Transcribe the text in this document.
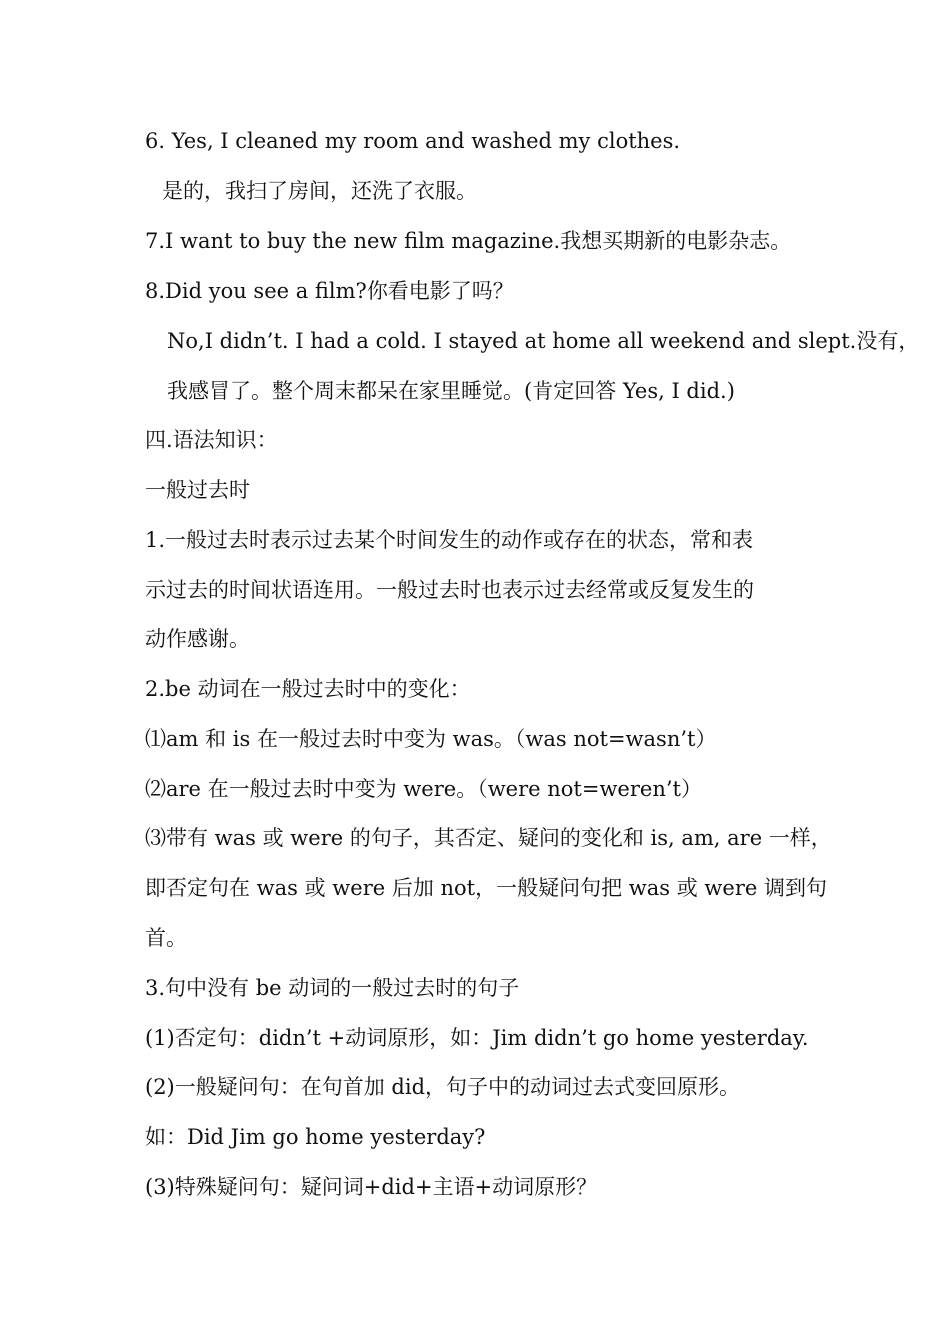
6. Yes, I cleaned my room and washed my clothes.
是的，我扫了房间，还洗了衣服。
7.I want to buy the new film magazine.我想买期新的电影杂志。
8.Did you see a film?你看电影了吗？
No,I didn’t. I had a cold. I stayed at home all weekend and slept.没有，
我感冒了。整个周末都呆在家里睡觉。(肯定回答 Yes, I did.)
四.语法知识：
一般过去时
1.一般过去时表示过去某个时间发生的动作或存在的状态，常和表
示过去的时间状语连用。一般过去时也表示过去经常或反复发生的
动作感谢。
2.be 动词在一般过去时中的变化：
⑴am 和 is 在一般过去时中变为 was。（was not=wasn’t）
⑵are 在一般过去时中变为 were。（were not=weren’t）
⑶带有 was 或 were 的句子，其否定、疑问的变化和 is, am, are 一样，
即否定句在 was 或 were 后加 not，一般疑问句把 was 或 were 调到句
首。
3.句中没有 be 动词的一般过去时的句子
(1)否定句：didn’t +动词原形，如：Jim didn’t go home yesterday.
(2)一般疑问句：在句首加 did，句子中的动词过去式变回原形。
如：Did Jim go home yesterday?
(3)特殊疑问句：疑问词+did+主语+动词原形？
